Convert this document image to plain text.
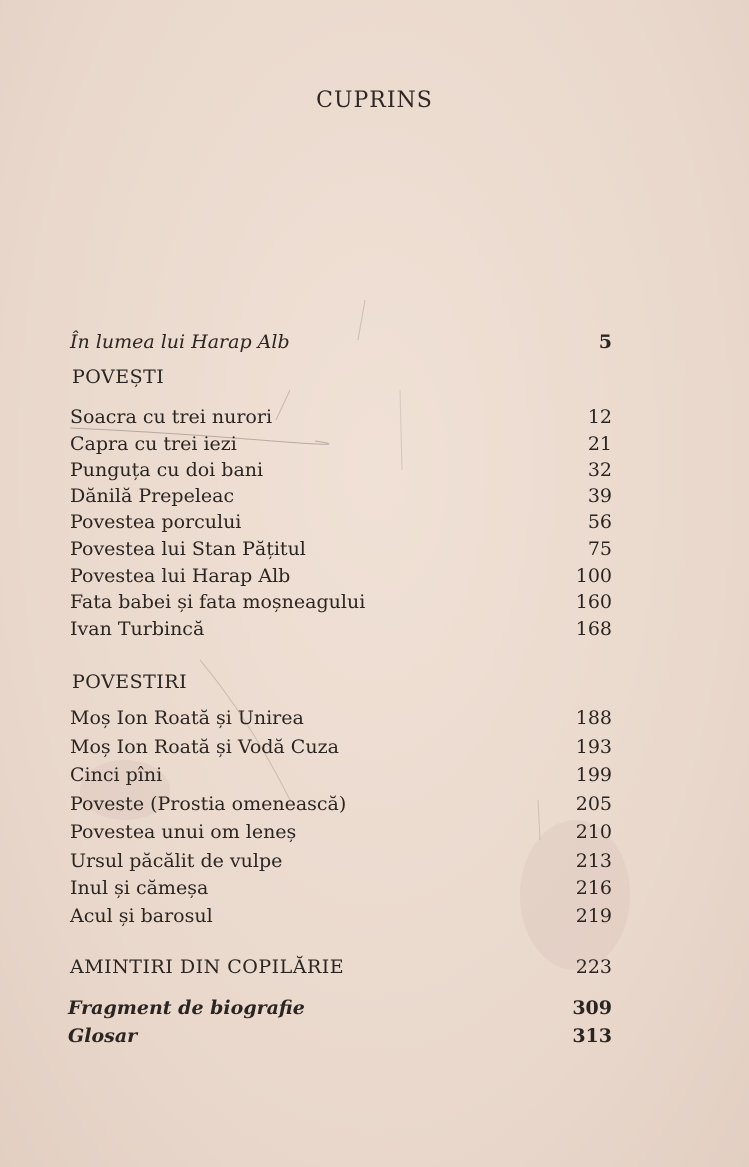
CUPRINS
În lumea lui Harap Alb	5
POVEȘTI
Soacra cu trei nurori	12
Capra cu trei iezi	21
Punguța cu doi bani	32
Dănilă Prepeleac	39
Povestea porcului	56
Povestea lui Stan Pățitul	75
Povestea lui Harap Alb	100
Fata babei și fata moșneagului	160
Ivan Turbincă	168
POVESTIRI
Moș Ion Roată și Unirea	188
Moș Ion Roată și Vodă Cuza	193
Cinci pîni	199
Poveste (Prostia omenească)	205
Povestea unui om leneș	210
Ursul păcălit de vulpe	213
Inul și cămeșa	216
Acul și barosul	219
AMINTIRI DIN COPILĂRIE	223
Fragment de biografie	309
Glosar	313
